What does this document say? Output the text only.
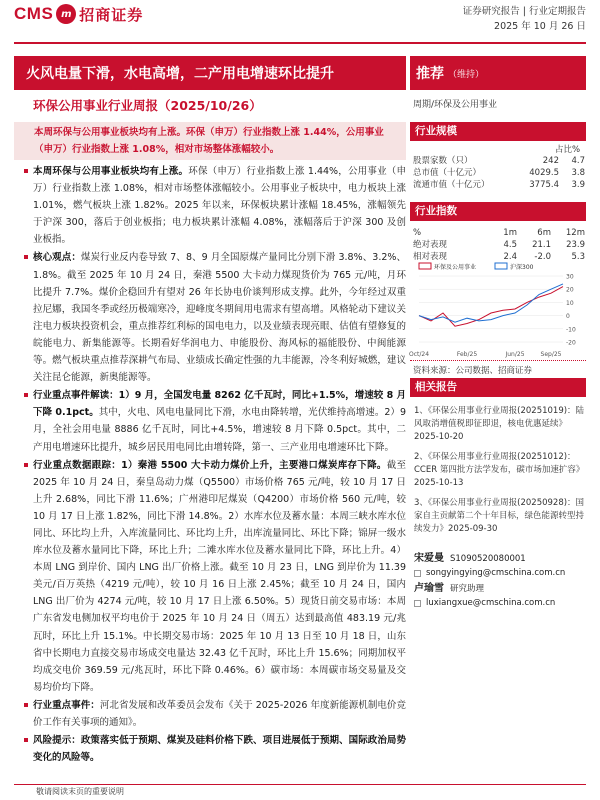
CMS m 招商证券	证券研究报告 | 行业定期报告
2025 年 10 月 26 日
火风电量下滑，水电高增，二产用电增速环比提升	推荐 （维持）
环保公用事业行业周报（2025/10/26）	周期/环保及公用事业
本周环保与公用事业板块均有上涨。环保（申万）行业指数上涨 1.44%，公用事业（申万）行业指数上涨 1.08%，相对市场整体涨幅较小。
本周环保与公用事业板块均有上涨。环保（申万）行业指数上涨 1.44%，公用事业（申万）行业指数上涨 1.08%，相对市场整体涨幅较小。公用事业子板块中，电力板块上涨 1.01%，燃气板块上涨 1.82%。2025 年以来，环保板块累计涨幅 18.45%，涨幅领先于沪深 300，落后于创业板指；电力板块累计涨幅 4.08%，涨幅落后于沪深 300 及创业板指。
核心观点：煤炭行业反内卷导致 7、8、9 月全国原煤产量同比分别下滑 3.8%、3.2%、1.8%。截至 2025 年 10 月 24 日，秦港 5500 大卡动力煤现货价为 765 元/吨，月环比提升 7.7%。煤价企稳回升有望对 26 年长协电价谈判形成支撑。此外，今年经过双重拉尼娜，我国冬季或经历极端寒冷，迎峰度冬期间用电需求有望高增。风格轮动下建议关注电力板块投资机会，重点推荐红利标的国电电力，以及业绩表现亮眼、估值有望修复的皖能电力、新集能源等。长期看好华润电力、申能股份、海风标的福能股份、中闽能源等。燃气板块重点推荐深耕气布局、业绩成长确定性强的九丰能源，冷冬利好城燃，建议关注昆仑能源，新奥能源等。
行业重点事件解读：1）9 月，全国发电量 8262 亿千瓦时，同比+1.5%，增速较 8 月下降 0.1pct。其中，火电、风电电量同比下滑，水电由降转增，光伏维持高增速。2）9 月，全社会用电量 8886 亿千瓦时，同比+4.5%，增速较 8 月下降 0.5pct。其中，二产用电增速环比提升，城乡居民用电同比由增转降，第一、三产业用电增速环比下降。
行业重点数据跟踪：1）秦港 5500 大卡动力煤价上升，主要港口煤炭库存下降。截至 2025 年 10 月 24 日，秦皇岛动力煤（Q5500）市场价格 765 元/吨，较 10 月 17 日上升 2.68%，同比下滑 11.6%；广州港印尼煤炭（Q4200）市场价格 560 元/吨，较 10 月 17 日上涨 1.82%，同比下滑 14.8%。2）水库水位及蓄水量：本周三峡水库水位同比、环比均上升，入库流量同比、环比均上升，出库流量同比、环比下降；锦屏一级水库水位及蓄水量同比下降，环比上升；二滩水库水位及蓄水量同比下降，环比上升。4）本周 LNG 到岸价、国内 LNG 出厂价格上涨。截至 10 月 23 日，LNG 到岸价为 11.39 美元/百万英热（4219 元/吨），较 10 月 16 日上涨 2.45%；截至 10 月 24 日，国内 LNG 出厂价为 4274 元/吨，较 10 月 17 日上涨 6.50%。5）现货日前交易市场：本周广东省发电侧加权平均电价于 2025 年 10 月 24 日（周五）达到最高值 483.19 元/兆瓦时，环比上升 15.1%。中长期交易市场：2025 年 10 月 13 日至 10 月 18 日，山东省中长期电力直接交易市场成交电量达 32.43 亿千瓦时，环比上升 15.6%；同期加权平均成交电价 369.59 元/兆瓦时，环比下降 0.46%。6）碳市场：本周碳市场交易量及交易均价均下降。
行业重点事件：河北省发展和改革委员会发布《关于 2025-2026 年度新能源机制电价竞价工作有关事项的通知》。
风险提示：政策落实低于预期、煤炭及硅料价格下跌、项目进展低于预期、国际政治局势变化的风险等。
行业规模
占比%
股票家数（只）	242	4.7
总市值（十亿元）	4029.5	3.8
流通市值（十亿元）	3775.4	3.9
行业指数
%	1m	6m	12m
绝对表现	4.5	21.1	23.9
相对表现	2.4	-2.0	5.3
-20
-10
0
10
20
30
Oct/24	Feb/25	Jun/25	Sep/25
环保及公用事业	沪深300
资料来源：公司数据、招商证券
相关报告
1、《环保公用事业行业周报(20251019)：陆风取消增值税即征即退，核电优惠延续》2025-10-20
2、《环保公用事业行业周报(20251012)：CCER 第四批方法学发布，碳市场加速扩容》2025-10-13
3、《环保公用事业行业周报(20250928)：国家自主贡献第二个十年目标，绿色能源转型持续发力》2025-09-30
宋爱曼 S1090520080001
songyingying@cmschina.com.cn
卢瑜雪 研究助理
luxiangxue@cmschina.com.cn
敬请阅读末页的重要说明
